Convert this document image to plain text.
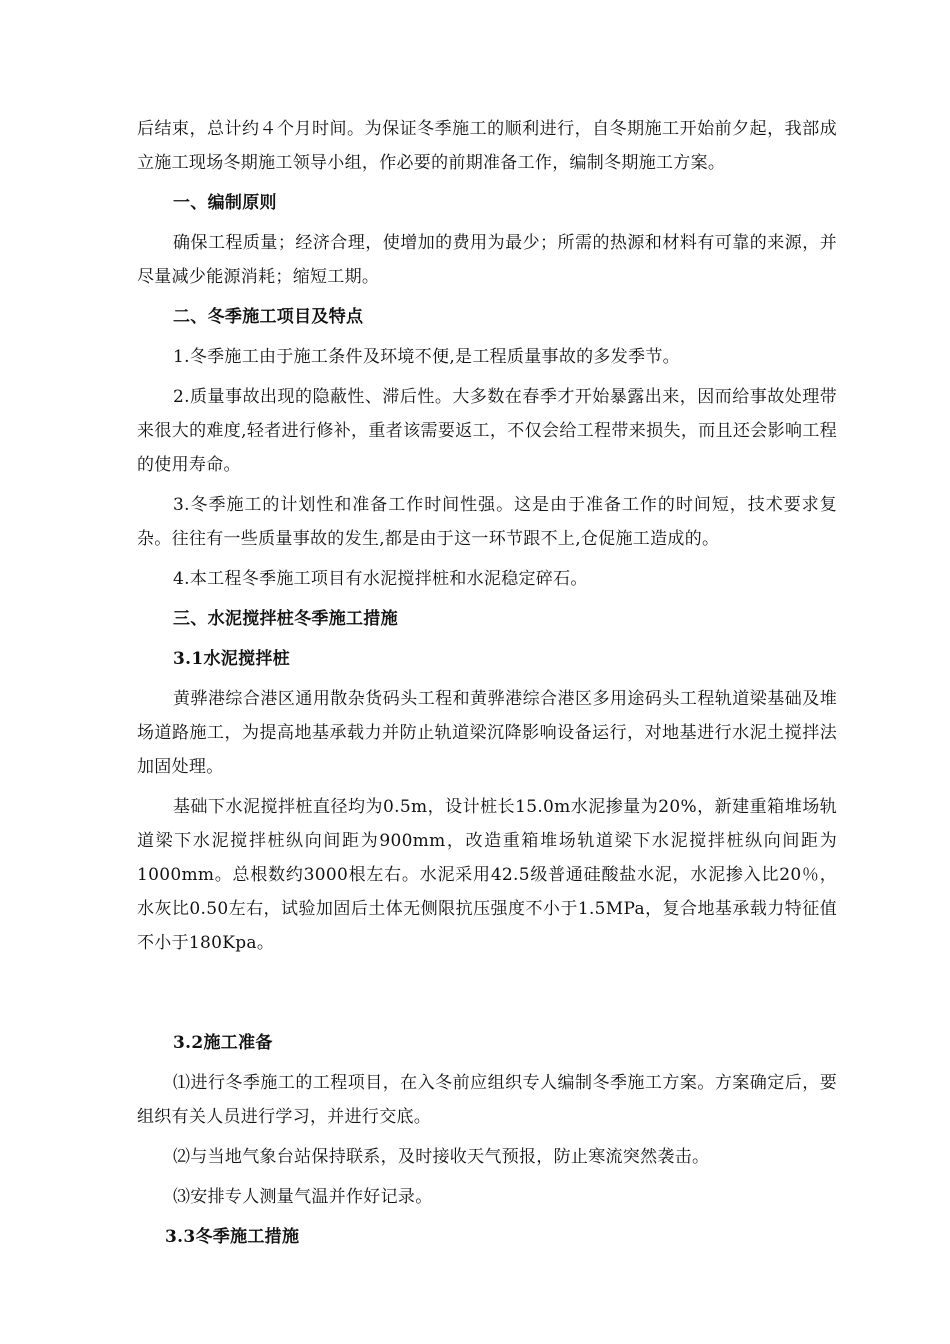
后结束，总计约４个月时间。为保证冬季施工的顺利进行，自冬期施工开始前夕起，我部成立施工现场冬期施工领导小组，作必要的前期准备工作，编制冬期施工方案。

一、编制原则

确保工程质量；经济合理，使增加的费用为最少；所需的热源和材料有可靠的来源，并尽量减少能源消耗；缩短工期。

二、冬季施工项目及特点

1.冬季施工由于施工条件及环境不便,是工程质量事故的多发季节。

2.质量事故出现的隐蔽性、滞后性。大多数在春季才开始暴露出来，因而给事故处理带来很大的难度,轻者进行修补，重者该需要返工，不仅会给工程带来损失，而且还会影响工程的使用寿命。

3.冬季施工的计划性和准备工作时间性强。这是由于准备工作的时间短，技术要求复杂。往往有一些质量事故的发生,都是由于这一环节跟不上,仓促施工造成的。

4.本工程冬季施工项目有水泥搅拌桩和水泥稳定碎石。

三、水泥搅拌桩冬季施工措施

3.1水泥搅拌桩

黄骅港综合港区通用散杂货码头工程和黄骅港综合港区多用途码头工程轨道梁基础及堆场道路施工，为提高地基承载力并防止轨道梁沉降影响设备运行，对地基进行水泥土搅拌法加固处理。

基础下水泥搅拌桩直径均为0.5m，设计桩长15.0m水泥掺量为20%，新建重箱堆场轨道梁下水泥搅拌桩纵向间距为900mm，改造重箱堆场轨道梁下水泥搅拌桩纵向间距为1000mm。总根数约3000根左右。水泥采用42.5级普通硅酸盐水泥，水泥掺入比20％，水灰比0.50左右，试验加固后土体无侧限抗压强度不小于1.5MPa，复合地基承载力特征值不小于180Kpa。

3.2施工准备

⑴进行冬季施工的工程项目，在入冬前应组织专人编制冬季施工方案。方案确定后，要组织有关人员进行学习，并进行交底。

⑵与当地气象台站保持联系，及时接收天气预报，防止寒流突然袭击。

⑶安排专人测量气温并作好记录。

3.3冬季施工措施
